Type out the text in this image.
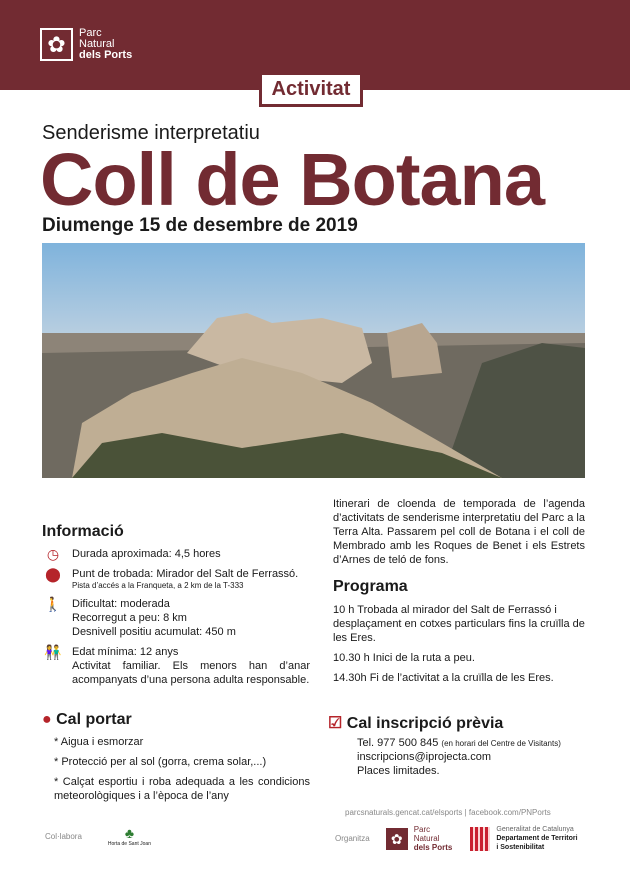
✿	Parc
Natural
dels Ports
Activitat
Senderisme interpretatiu
Coll de Botana
Diumenge 15 de desembre de 2019
Informació
◷	Durada aproximada: 4,5 hores
⬤ Punt de trobada: Mirador del Salt de Ferrassó.
Pista d’accés a la Franqueta, a 2 km de la T-333
🚶 Dificultat: moderada
Recorregut a peu: 8 km
Desnivell positiu acumulat: 450 m
👫 Edat mínima: 12 anys
Activitat familiar. Els menors han d’anar acompanyats d’una persona adulta responsable.

Itinerari de cloenda de temporada de l’agenda d’activitats de senderisme interpretatiu del Parc a la Terra Alta. Passarem pel coll de Botana i el coll de Membrado amb les Roques de Benet i els Estrets d’Arnes de teló de fons.

Programa

10 h Trobada al mirador del Salt de Ferrassó i desplaçament en cotxes particulars fins la cruïlla de les Eres.

10.30 h Inici de la ruta a peu.

14.30h Fi de l’activitat a la cruïlla de les Eres.

● Cal portar
* Aigua i esmorzar
* Protecció per al sol (gorra, crema solar,...)
* Calçat esportiu i roba adequada a les condicions meteorològiques i a l’època de l’any
☑ Cal inscripció prèvia
Tel. 977 500 845 (en horari del Centre de Visitants)
inscripcions@iprojecta.com
Places limitades.
parcsnaturals.gencat.cat/elsports | facebook.com/PNPorts
Col·labora	♣
Horta de Sant Joan
Organitza	✿
Parc
Natural
dels Ports
Generalitat de Catalunya
Departament de Territori
i Sostenibilitat
